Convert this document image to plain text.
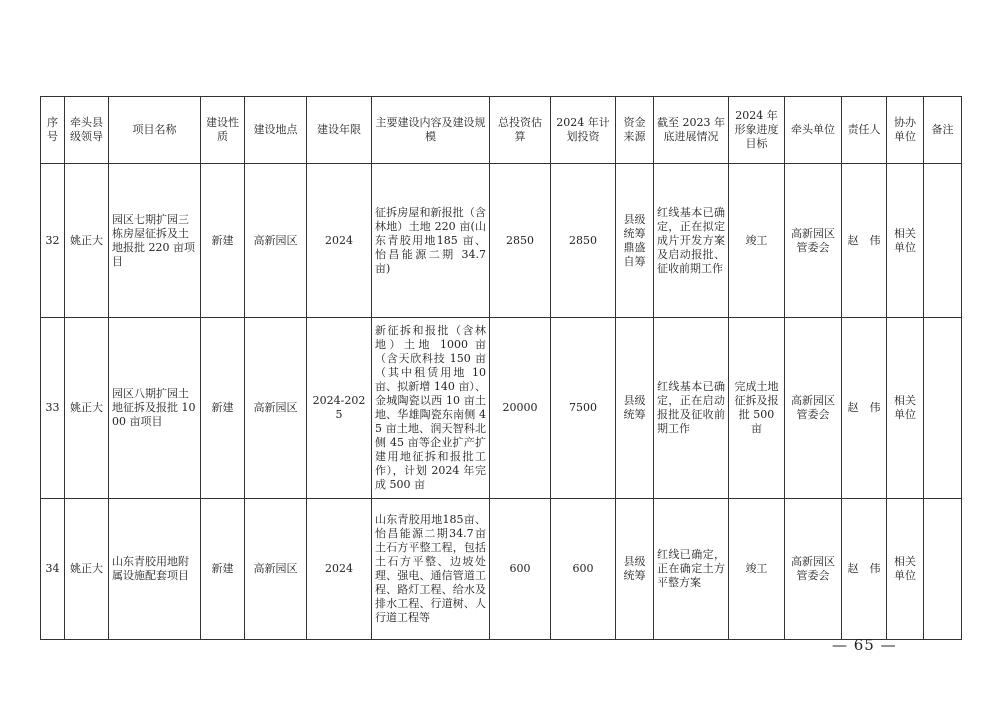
序号	牵头县级领导	项目名称	建设性质	建设地点	建设年限	主要建设内容及建设规模	总投资估算	2024 年计划投资	资金来源	截至 2023 年底进展情况	2024 年形象进度目标	牵头单位	责任人	协办单位	备注
32	姚正大	园区七期扩园三栋房屋征拆及土地报批 220 亩项目	新建	高新园区	2024	征拆房屋和新报批（含林地）土地 220 亩(山东青胶用地185 亩、怡昌能源二期 34.7 亩)	2850	2850	县级统筹鼎盛自筹	红线基本已确定，正在拟定成片开发方案及启动报批、征收前期工作	竣工	高新园区管委会	赵　伟	相关单位	
33	姚正大	园区八期扩园土地征拆及报批 1000 亩项目	新建	高新园区	2024-2025	新征拆和报批（含林地）土地 1000 亩（含天欣科技 150 亩（其中租赁用地 10 亩、拟新增 140 亩）、金城陶瓷以西 10 亩土地、华雄陶瓷东南侧 45 亩土地、润天智科北侧 45 亩等企业扩产扩建用地征拆和报批工作），计划 2024 年完成 500 亩	20000	7500	县级统筹	红线基本已确定，正在启动报批及征收前期工作	完成土地征拆及报批 500 亩	高新园区管委会	赵　伟	相关单位	
34	姚正大	山东青胶用地附属设施配套项目	新建	高新园区	2024	山东青胶用地185亩、怡昌能源二期34.7亩土石方平整工程，包括土石方平整、边坡处理、强电、通信管道工程、路灯工程、给水及排水工程、行道树、人行道工程等	600	600	县级统筹	红线已确定，正在确定土方平整方案	竣工	高新园区管委会	赵　伟	相关单位	
— 65 —
